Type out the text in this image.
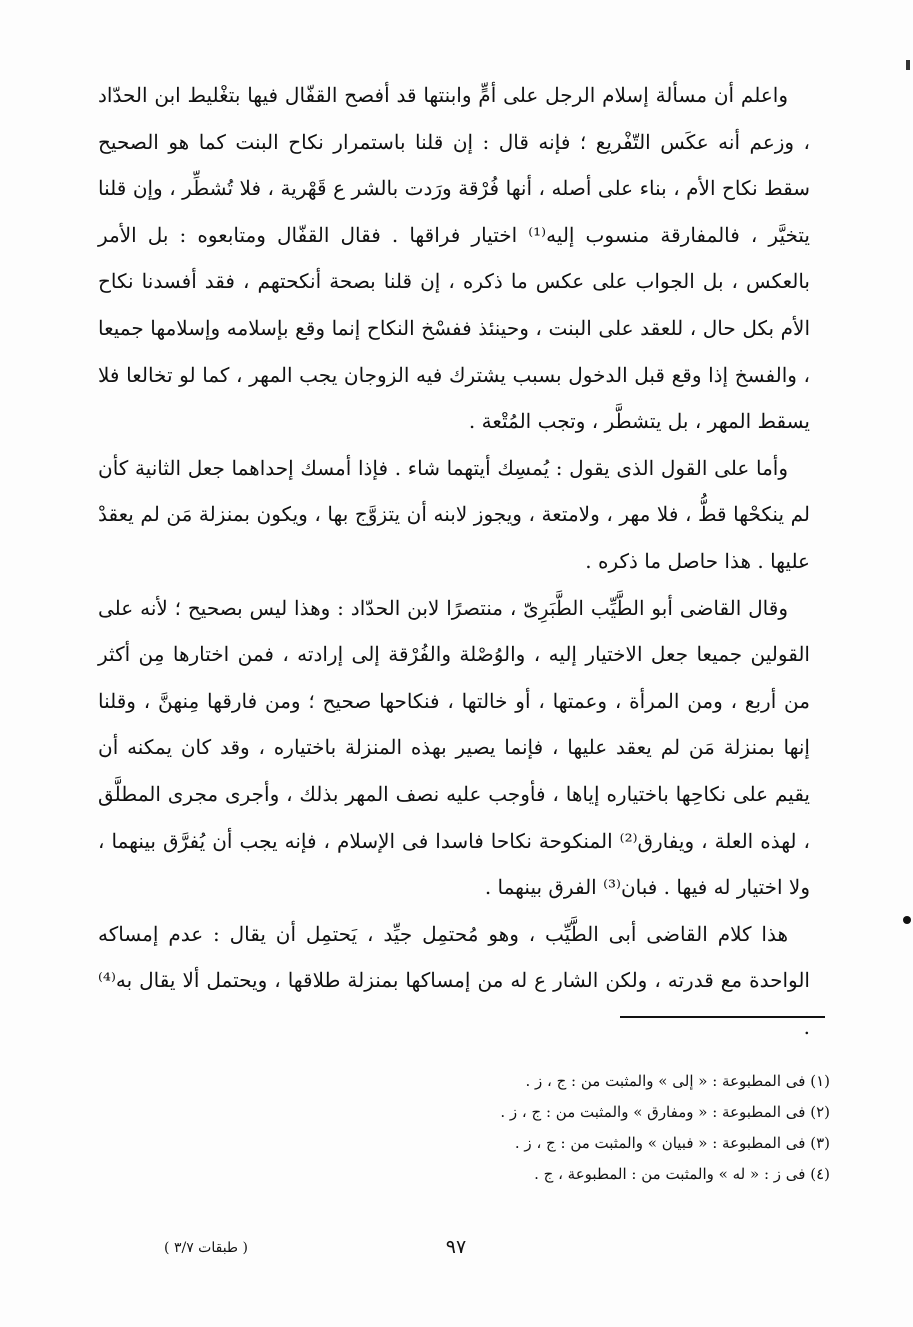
واعلم أن مسألة إسلام الرجل على أمٍّ وابنتها قد أفصح القفّال فيها بتغْليط ابن الحدّاد ، وزعم أنه عكَس التّفْريع ؛ فإنه قال : إن قلنا باستمرار نكاح البنت كما هو الصحيح سقط نكاح الأم ، بناء على أصله ، أنها فُرْقة ورَدت بالشر ع قَهْرية ، فلا تُشطِّر ، وإن قلنا يتخيَّر ، فالمفارقة منسوب إليه⁽¹⁾ اختيار فراقها . فقال القفّال ومتابعوه : بل الأمر بالعكس ، بل الجواب على عكس ما ذكره ، إن قلنا بصحة أنكحتهم ، فقد أفسدنا نكاح الأم بكل حال ، للعقد على البنت ، وحينئذ ففسْخ النكاح إنما وقع بإسلامه وإسلامها جميعا ، والفسخ إذا وقع قبل الدخول بسبب يشترك فيه الزوجان يجب المهر ، كما لو تخالعا فلا يسقط المهر ، بل يتشطَّر ، وتجب المُتْعة .

وأما على القول الذى يقول : يُمسِك أيتهما شاء . فإذا أمسك إحداهما جعل الثانية كأن لم ينكحْها قطُّ ، فلا مهر ، ولامتعة ، ويجوز لابنه أن يتزوَّج بها ، ويكون بمنزلة مَن لم يعقدْ عليها . هذا حاصل ما ذكره .

وقال القاضى أبو الطَّيِّب الطَّبَرِىّ ، منتصرًا لابن الحدّاد : وهذا ليس بصحيح ؛ لأنه على القولين جميعا جعل الاختيار إليه ، والوُصْلة والفُرْقة إلى إرادته ، فمن اختارها مِن أكثر من أربع ، ومن المرأة ، وعمتها ، أو خالتها ، فنكاحها صحيح ؛ ومن فارقها مِنهنَّ ، وقلنا إنها بمنزلة مَن لم يعقد عليها ، فإنما يصير بهذه المنزلة باختياره ، وقد كان يمكنه أن يقيم على نكاحِها باختياره إياها ، فأوجب عليه نصف المهر بذلك ، وأجرى مجرى المطلَّق ، لهذه العلة ، ويفارق⁽²⁾ المنكوحة نكاحا فاسدا فى الإسلام ، فإنه يجب أن يُفرَّق بينهما ، ولا اختيار له فيها . فبان⁽³⁾ الفرق بينهما .

هذا كلام القاضى أبى الطَّيِّب ، وهو مُحتمِل جيِّد ، يَحتمِل أن يقال : عدم إمساكه الواحدة مع قدرته ، ولكن الشار ع له من إمساكها بمنزلة طلاقها ، ويحتمل ألا يقال به⁽⁴⁾ .

(١) فى المطبوعة : « إلى » والمثبت من : ج ، ز .
(٢) فى المطبوعة : « ومفارق » والمثبت من : ج ، ز .
(٣) فى المطبوعة : « فبيان » والمثبت من : ج ، ز .
(٤) فى ز : « له » والمثبت من : المطبوعة ، ج .
٩٧
( طبقات ٣/٧ )
